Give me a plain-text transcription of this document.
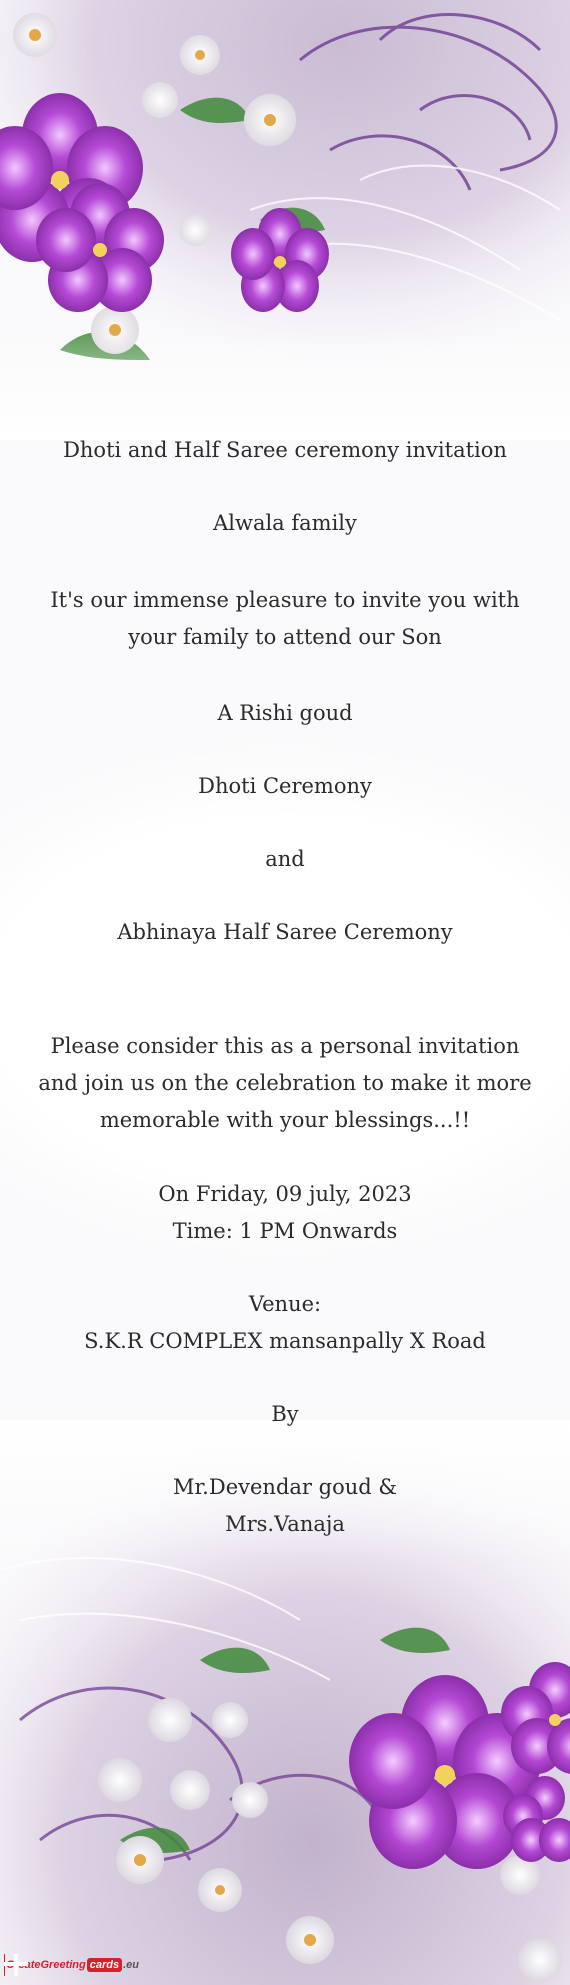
Dhoti and Half Saree ceremony invitation

Alwala family

It's our immense pleasure to invite you with your family to attend our Son

A Rishi goud

Dhoti Ceremony

and

Abhinaya Half Saree Ceremony

Please consider this as a personal invitation and join us on the celebration to make it more memorable with your blessings...!!

On Friday, 09 july, 2023

Time: 1 PM Onwards

Venue:

S.K.R COMPLEX mansanpally X Road

By

Mr.Devendar goud &

Mrs.Vanaja

CreateGreeting cards .eu
